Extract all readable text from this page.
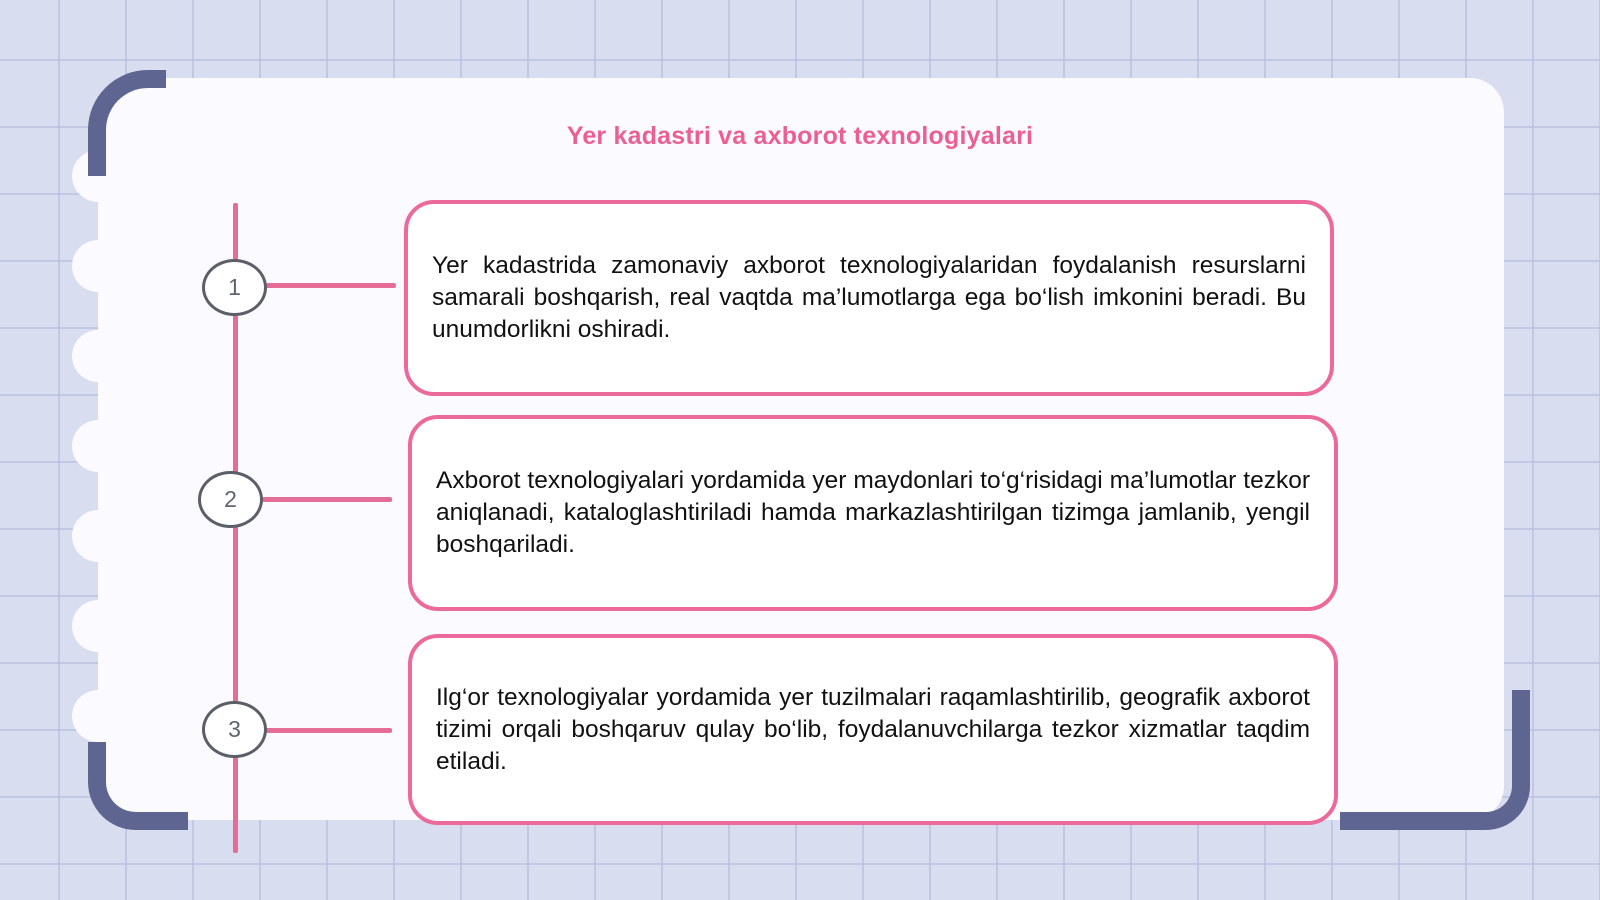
Yer kadastri va axborot texnologiyalari
1
Yer kadastrida zamonaviy axborot texnologiyalaridan foydalanish resurslarni samarali boshqarish, real vaqtda ma’lumotlarga ega bo‘lish imkonini beradi. Bu unumdorlikni oshiradi.
2
Axborot texnologiyalari yordamida yer maydonlari to‘g‘risidagi ma’lumotlar tezkor aniqlanadi, kataloglashtiriladi hamda markazlashtirilgan tizimga jamlanib, yengil boshqariladi.
3
Ilg‘or texnologiyalar yordamida yer tuzilmalari raqamlashtirilib, geografik axborot tizimi orqali boshqaruv qulay bo‘lib, foydalanuvchilarga tezkor xizmatlar taqdim etiladi.
